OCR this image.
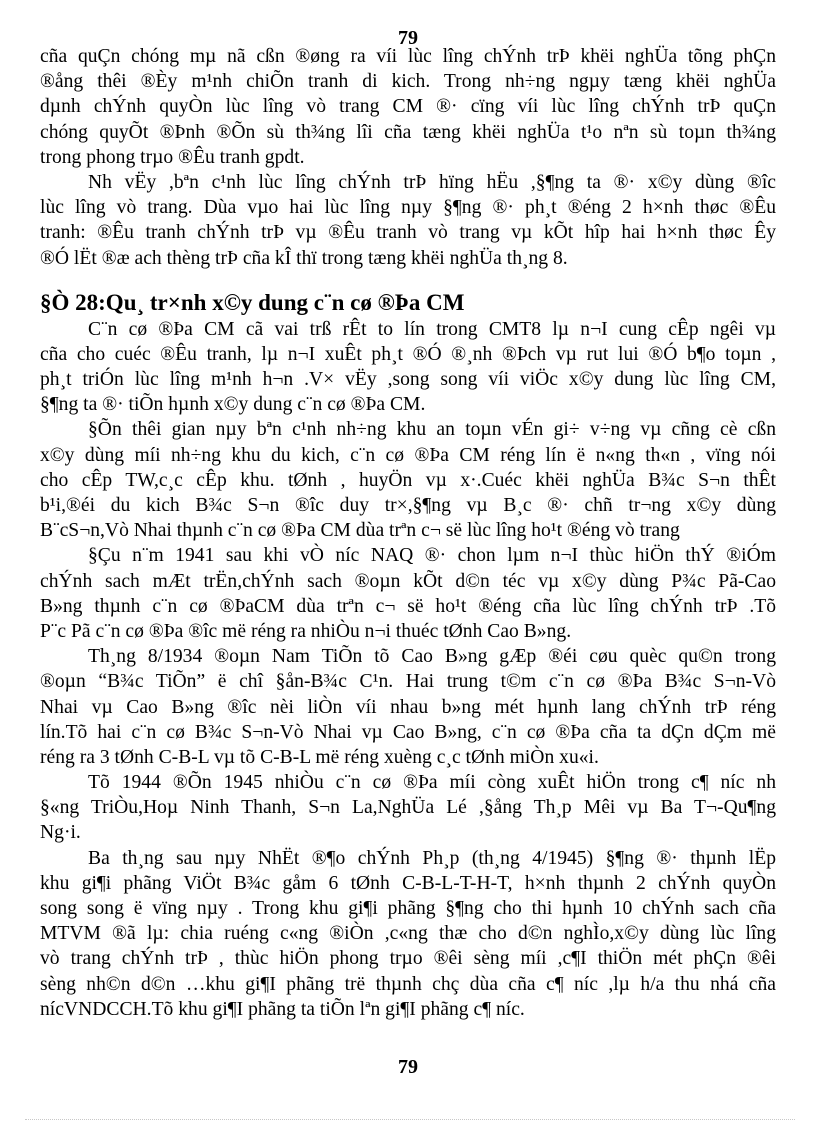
79
cña quÇn chóng mµ nã cßn ®øng ra víi lùc lîng chÝnh trÞ khëi nghÜa tõng phÇn
®ång thêi ®Èy m¹nh chiÕn tranh di kich. Trong nh÷ng ngµy tæng khëi nghÜa
dµnh chÝnh quyÒn lùc lîng vò trang CM ®· cïng víi lùc lîng chÝnh trÞ quÇn
chóng quyÕt ®Þnh ®Õn sù th¾ng lîi cña tæng khëi nghÜa t¹o nªn sù toµn th¾ng
trong phong trµo ®Êu tranh gpdt.
Nh vËy ,bªn c¹nh lùc lîng chÝnh trÞ hïng hËu ,§¶ng ta ®· x©y dùng ®îc
lùc lîng vò trang. Dùa vµo hai lùc lîng nµy §¶ng ®· ph¸t ®éng 2 h×nh thøc ®Êu
tranh: ®Êu tranh chÝnh trÞ vµ ®Êu tranh vò trang vµ kÕt hîp hai h×nh thøc Êy
®Ó lËt ®æ ach thèng trÞ cña kÎ thï trong tæng khëi nghÜa th¸ng 8.
§Ò 28:Qu¸ tr×nh x©y dung c¨n cø ®Þa CM
C¨n cø ®Þa CM cã vai trß rÊt to lín trong CMT8 lµ n¬I cung cÊp ngêi vµ
cña cho cuéc ®Êu tranh, lµ n¬I xuÊt ph¸t ®Ó ®¸nh ®Þch vµ rut lui ®Ó b¶o toµn ,
ph¸t triÓn lùc lîng m¹nh h¬n .V× vËy ,song song víi viÖc x©y dung lùc lîng CM,
§¶ng ta ®· tiÕn hµnh x©y dung c¨n cø ®Þa CM.
§Õn thêi gian nµy bªn c¹nh nh÷ng khu an toµn vÉn gi÷ v÷ng vµ cñng cè cßn
x©y dùng míi nh÷ng khu du kich, c¨n cø ®Þa CM réng lín ë n«ng th«n , vïng nói
cho cÊp TW,c¸c cÊp khu. tØnh , huyÖn vµ x·.Cuéc khëi nghÜa B¾c S¬n thÊt
b¹i,®éi du kich B¾c S¬n ®îc duy tr×,§¶ng vµ B¸c ®· chñ tr¬ng x©y dùng
B¨cS¬n,Vò Nhai thµnh c¨n cø ®Þa CM dùa trªn c¬ së lùc lîng ho¹t ®éng vò trang
§Çu n¨m 1941 sau khi vÒ níc NAQ ®· chon lµm n¬I thùc hiÖn thÝ ®iÓm
chÝnh sach mÆt trËn,chÝnh sach ®oµn kÕt d©n téc vµ x©y dùng P¾c Pã-Cao
B»ng thµnh c¨n cø ®ÞaCM dùa trªn c¬ së ho¹t ®éng cña lùc lîng chÝnh trÞ .Tõ
P¨c Pã c¨n cø ®Þa ®îc më réng ra nhiÒu n¬i thuéc tØnh Cao B»ng.
Th¸ng 8/1934 ®oµn Nam TiÕn tõ Cao B»ng gÆp ®éi cøu quèc qu©n trong
®oµn “B¾c TiÕn” ë chî §ån-B¾c C¹n. Hai trung t©m c¨n cø ®Þa B¾c S¬n-Vò
Nhai vµ Cao B»ng ®îc nèi liÒn víi nhau b»ng mét hµnh lang chÝnh trÞ réng
lín.Tõ hai c¨n cø B¾c S¬n-Vò Nhai vµ Cao B»ng, c¨n cø ®Þa cña ta dÇn dÇm më
réng ra 3 tØnh C-B-L vµ tõ C-B-L më réng xuèng c¸c tØnh miÒn xu«i.
Tõ 1944 ®Õn 1945 nhiÒu c¨n cø ®Þa míi còng xuÊt hiÖn trong c¶ níc nh
§«ng TriÒu,Hoµ Ninh Thanh, S¬n La,NghÜa Lé ,§ång Th¸p Mêi vµ Ba T¬-Qu¶ng
Ng·i.
Ba th¸ng sau nµy NhËt ®¶o chÝnh Ph¸p (th¸ng 4/1945) §¶ng ®· thµnh lËp
khu gi¶i phãng ViÖt B¾c gåm 6 tØnh C-B-L-T-H-T, h×nh thµnh 2 chÝnh quyÒn
song song ë vïng nµy . Trong khu gi¶i phãng §¶ng cho thi hµnh 10 chÝnh sach cña
MTVM ®ã lµ: chia ruéng c«ng ®iÒn ,c«ng thæ cho d©n nghÌo,x©y dùng lùc lîng
vò trang chÝnh trÞ , thùc hiÖn phong trµo ®êi sèng míi ,c¶I thiÖn mét phÇn ®êi
sèng nh©n d©n …khu gi¶I phãng trë thµnh chç dùa cña c¶ níc ,lµ h/a thu nhá cña
nícVNDCCH.Tõ khu gi¶I phãng ta tiÕn lªn gi¶I phãng c¶ níc.
79
